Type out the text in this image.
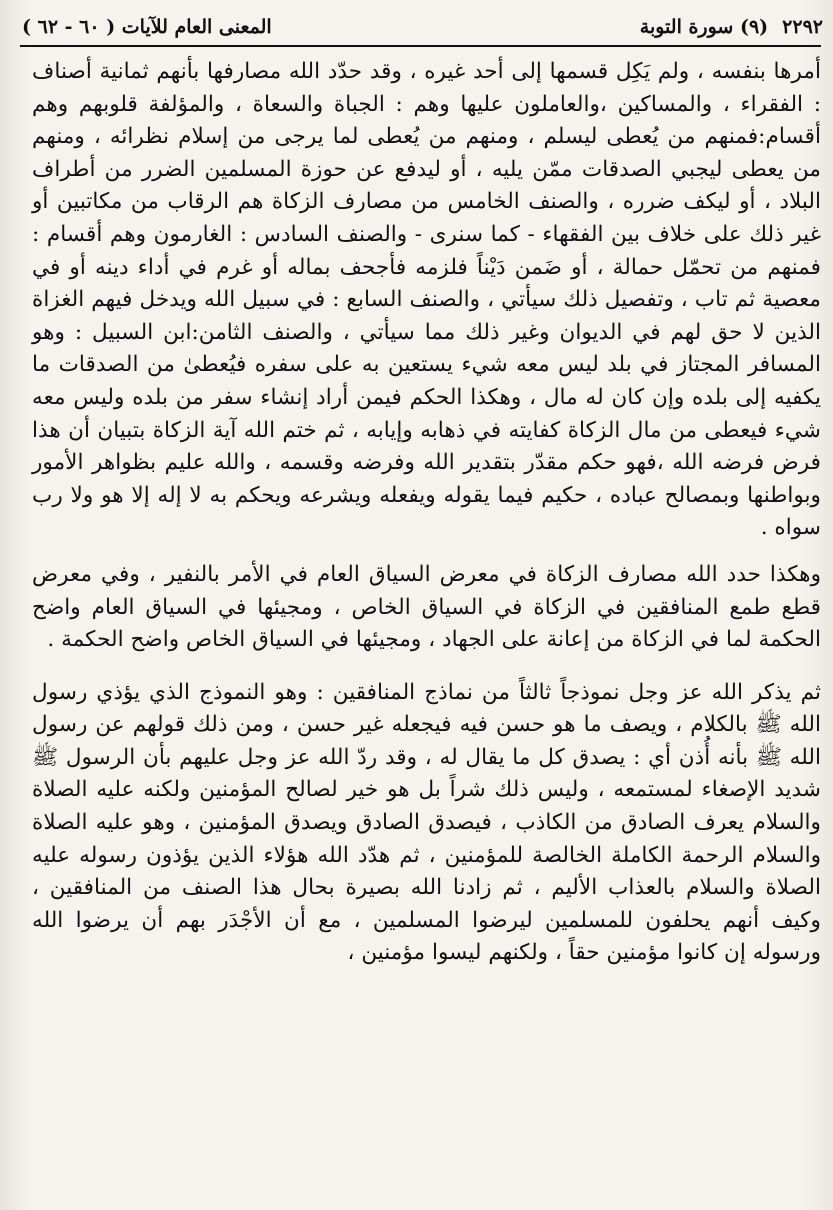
٢٢٩٢
(٩) سورة التوبة
المعنى العام للآيات ( ٦٠ - ٦٢ )

أمرها بنفسه ، ولم يَكِل قسمها إلى أحد غيره ، وقد حدّد الله مصارفها بأنهم ثمانية أصناف : الفقراء ، والمساكين ،والعاملون عليها وهم : الجباة والسعاة ، والمؤلفة قلوبهم وهم أقسام:فمنهم من يُعطى ليسلم ، ومنهم من يُعطى لما يرجى من إسلام نظرائه ، ومنهم من يعطى ليجبي الصدقات ممّن يليه ، أو ليدفع عن حوزة المسلمين الضرر من أطراف البلاد ، أو ليكف ضرره ، والصنف الخامس من مصارف الزكاة هم الرقاب من مكاتبين أو غير ذلك على خلاف بين الفقهاء - كما سنرى - والصنف السادس : الغارمون وهم أقسام : فمنهم من تحمّل حمالة ، أو ضَمن دَيْناً فلزمه فأجحف بماله أو غرم في أداء دينه أو في معصية ثم تاب ، وتفصيل ذلك سيأتي ، والصنف السابع : في سبيل الله ويدخل فيهم الغزاة الذين لا حق لهم في الديوان وغير ذلك مما سيأتي ، والصنف الثامن:ابن السبيل : وهو المسافر المجتاز في بلد ليس معه شيء يستعين به على سفره فيُعطىٰ من الصدقات ما يكفيه إلى بلده وإن كان له مال ، وهكذا الحكم فيمن أراد إنشاء سفر من بلده وليس معه شيء فيعطى من مال الزكاة كفايته في ذهابه وإيابه ، ثم ختم الله آية الزكاة بتبيان أن هذا فرض فرضه الله ،فهو حكم مقدّر بتقدير الله وفرضه وقسمه ، والله عليم بظواهر الأمور وبواطنها وبمصالح عباده ، حكيم فيما يقوله ويفعله ويشرعه ويحكم به لا إله إلا هو ولا رب سواه .

وهكذا حدد الله مصارف الزكاة في معرض السياق العام في الأمر بالنفير ، وفي معرض قطع طمع المنافقين في الزكاة في السياق الخاص ، ومجيئها في السياق العام واضح الحكمة لما في الزكاة من إعانة على الجهاد ، ومجيئها في السياق الخاص واضح الحكمة .

ثم يذكر الله عز وجل نموذجاً ثالثاً من نماذج المنافقين : وهو النموذج الذي يؤذي رسول الله ﷺ بالكلام ، ويصف ما هو حسن فيه فيجعله غير حسن ، ومن ذلك قولهم عن رسول الله ﷺ بأنه أُذن أي : يصدق كل ما يقال له ، وقد ردّ الله عز وجل عليهم بأن الرسول ﷺ شديد الإصغاء لمستمعه ، وليس ذلك شراً بل هو خير لصالح المؤمنين ولكنه عليه الصلاة والسلام يعرف الصادق من الكاذب ، فيصدق الصادق ويصدق المؤمنين ، وهو عليه الصلاة والسلام الرحمة الكاملة الخالصة للمؤمنين ، ثم هدّد الله هؤلاء الذين يؤذون رسوله عليه الصلاة والسلام بالعذاب الأليم ، ثم زادنا الله بصيرة بحال هذا الصنف من المنافقين ، وكيف أنهم يحلفون للمسلمين ليرضوا المسلمين ، مع أن الأجْدَر بهم أن يرضوا الله ورسوله إن كانوا مؤمنين حقاً ، ولكنهم ليسوا مؤمنين ،
